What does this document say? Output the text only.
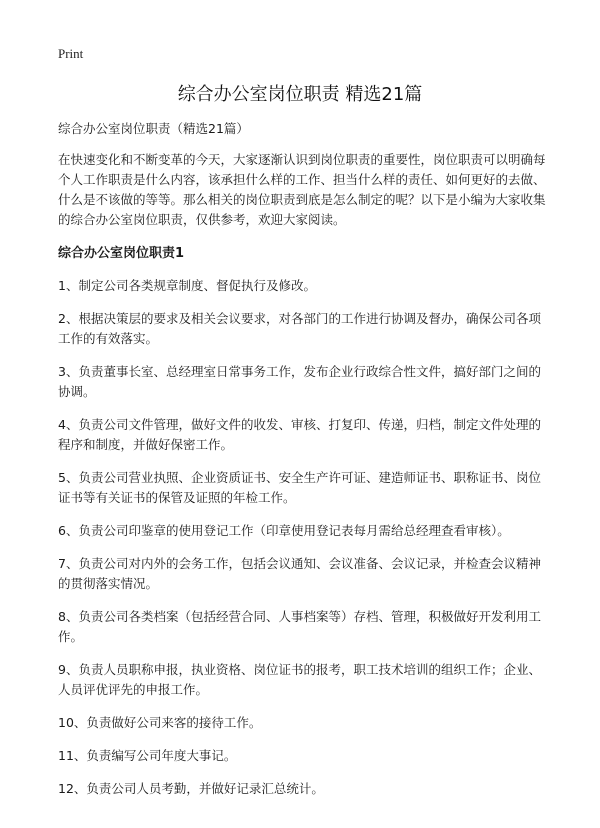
Print
综合办公室岗位职责 精选21篇

综合办公室岗位职责（精选21篇）

在快速变化和不断变革的今天，大家逐渐认识到岗位职责的重要性，岗位职责可以明确每个人工作职责是什么内容，该承担什么样的工作、担当什么样的责任、如何更好的去做、什么是不该做的等等。那么相关的岗位职责到底是怎么制定的呢？以下是小编为大家收集的综合办公室岗位职责，仅供参考，欢迎大家阅读。

综合办公室岗位职责1

1、制定公司各类规章制度、督促执行及修改。

2、根据决策层的要求及相关会议要求，对各部门的工作进行协调及督办，确保公司各项工作的有效落实。

3、负责董事长室、总经理室日常事务工作，发布企业行政综合性文件，搞好部门之间的协调。

4、负责公司文件管理，做好文件的收发、审核、打复印、传递，归档，制定文件处理的程序和制度，并做好保密工作。

5、负责公司营业执照、企业资质证书、安全生产许可证、建造师证书、职称证书、岗位证书等有关证书的保管及证照的年检工作。

6、负责公司印鉴章的使用登记工作（印章使用登记表每月需给总经理查看审核）。

7、负责公司对内外的会务工作，包括会议通知、会议准备、会议记录，并检查会议精神的贯彻落实情况。

8、负责公司各类档案（包括经营合同、人事档案等）存档、管理，积极做好开发利用工作。

9、负责人员职称申报，执业资格、岗位证书的报考，职工技术培训的组织工作；企业、人员评优评先的申报工作。

10、负责做好公司来客的接待工作。

11、负责编写公司年度大事记。

12、负责公司人员考勤，并做好记录汇总统计。
